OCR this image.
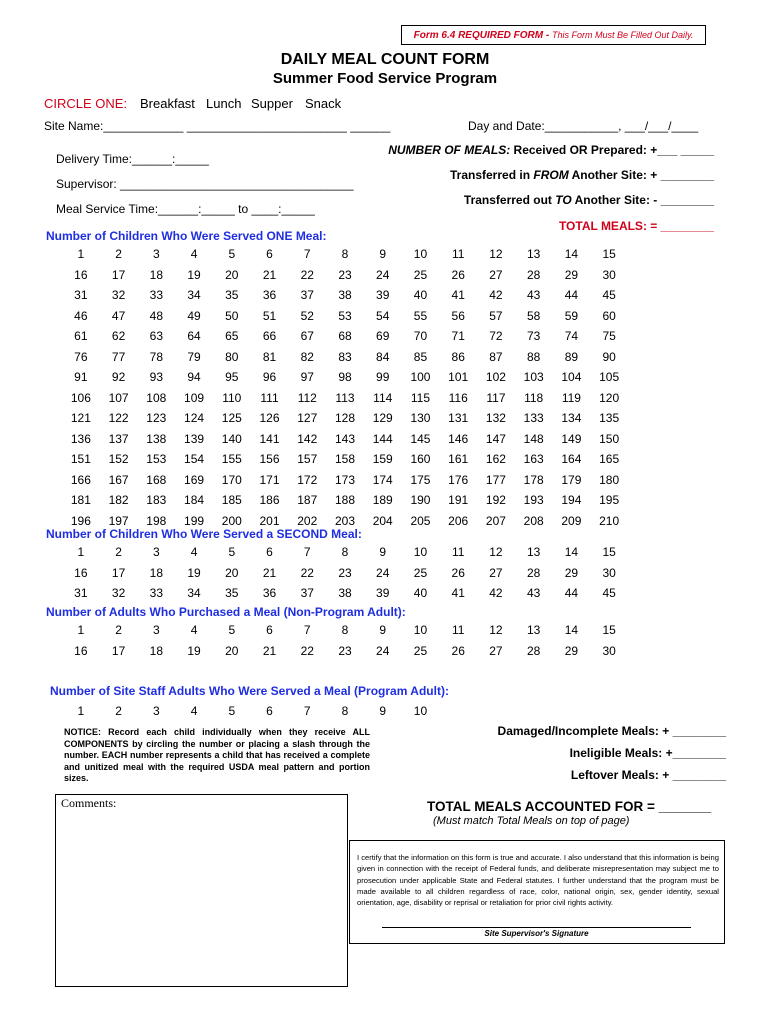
Form 6.4 REQUIRED FORM - This Form Must Be Filled Out Daily.
DAILY MEAL COUNT FORM
Summer Food Service Program
CIRCLE ONE: Breakfast Lunch Supper Snack
Site Name:____________ ________________________ ______	Day and Date:___________, ___/___/____
Delivery Time:______:_____
Supervisor: ___________________________________
Meal Service Time:______:_____ to ____:_____
NUMBER OF MEALS: Received OR Prepared: +___ _____
Transferred in FROM Another Site: + ________
Transferred out TO Another Site: - ________
TOTAL MEALS: = ________
Number of Children Who Were Served ONE Meal:
1	2	3	4	5	6	7	8	9	10	11	12	13	14	15
16	17	18	19	20	21	22	23	24	25	26	27	28	29	30
31	32	33	34	35	36	37	38	39	40	41	42	43	44	45
46	47	48	49	50	51	52	53	54	55	56	57	58	59	60
61	62	63	64	65	66	67	68	69	70	71	72	73	74	75
76	77	78	79	80	81	82	83	84	85	86	87	88	89	90
91	92	93	94	95	96	97	98	99	100	101	102	103	104	105
106	107	108	109	110	111	112	113	114	115	116	117	118	119	120
121	122	123	124	125	126	127	128	129	130	131	132	133	134	135
136	137	138	139	140	141	142	143	144	145	146	147	148	149	150
151	152	153	154	155	156	157	158	159	160	161	162	163	164	165
166	167	168	169	170	171	172	173	174	175	176	177	178	179	180
181	182	183	184	185	186	187	188	189	190	191	192	193	194	195
196	197	198	199	200	201	202	203	204	205	206	207	208	209	210
Number of Children Who Were Served a SECOND Meal:
1	2	3	4	5	6	7	8	9	10	11	12	13	14	15
16	17	18	19	20	21	22	23	24	25	26	27	28	29	30
31	32	33	34	35	36	37	38	39	40	41	42	43	44	45
Number of Adults Who Purchased a Meal (Non-Program Adult):
1	2	3	4	5	6	7	8	9	10	11	12	13	14	15
16	17	18	19	20	21	22	23	24	25	26	27	28	29	30
Number of Site Staff Adults Who Were Served a Meal (Program Adult):
1	2	3	4	5	6	7	8	9	10
NOTICE: Record each child individually when they receive ALL COMPONENTS by circling the number or placing a slash through the number. EACH number represents a child that has received a complete and unitized meal with the required USDA meal pattern and portion sizes.
Damaged/Incomplete Meals: + ________
Ineligible Meals: +________
Leftover Meals: + ________
Comments:	TOTAL MEALS ACCOUNTED FOR = _______
(Must match Total Meals on top of page)
I certify that the information on this form is true and accurate. I also understand that this information is being given in connection with the receipt of Federal funds, and deliberate misrepresentation may subject me to prosecution under applicable State and Federal statutes. I further understand that the program must be made available to all children regardless of race, color, national origin, sex, gender identity, sexual orientation, age, disability or reprisal or retaliation for prior civil rights activity.
Site Supervisor's Signature
